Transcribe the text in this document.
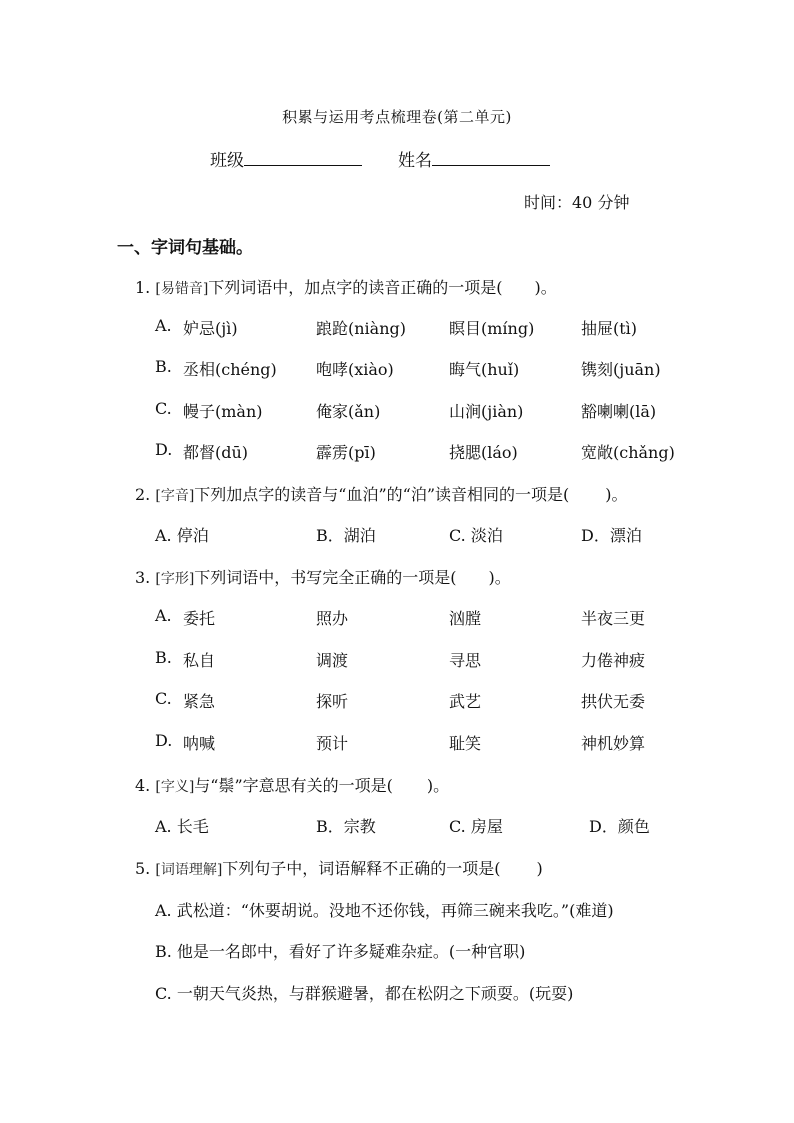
积累与运用考点梳理卷(第二单元)
班级	姓名
时间：40 分钟
一、字词句基础。
1. [易错音]下列词语中，加点字的读音正确的一项是( )。
A. 妒忌(jì)	踉跄(niàng)	瞑目(míng)	抽屉(tì)
B. 丞相(chéng) 咆哮(xiào)	晦气(huǐ)	镌刻(juān)
C. 幔子(màn)	俺家(ǎn)	山涧(jiàn)	豁喇喇(lā)
D. 都督(dū)	霹雳(pī)	挠腮(láo)	宽敞(chǎng)
2. [字音]下列加点字的读音与“血泊”的“泊”读音相同的一项是( )。
A. 停泊	B．湖泊	C. 淡泊	D．漂泊
3. [字形]下列词语中，书写完全正确的一项是( )。
A. 委托	照办	汹膛	半夜三更
B. 私自	调渡	寻思	力倦神疲
C. 紧急	探听	武艺	拱伏无委
D. 呐喊	预计	耻笑	神机妙算
4. [字义]与“鬃”字意思有关的一项是( )。
A. 长毛	B．宗教	C. 房屋	D．颜色
5. [词语理解]下列句子中，词语解释不正确的一项是( )
A. 武松道：“休要胡说。没地不还你钱，再筛三碗来我吃。”(难道)
B. 他是一名郎中，看好了许多疑难杂症。(一种官职)
C. 一朝天气炎热，与群猴避暑，都在松阴之下顽耍。(玩耍)
